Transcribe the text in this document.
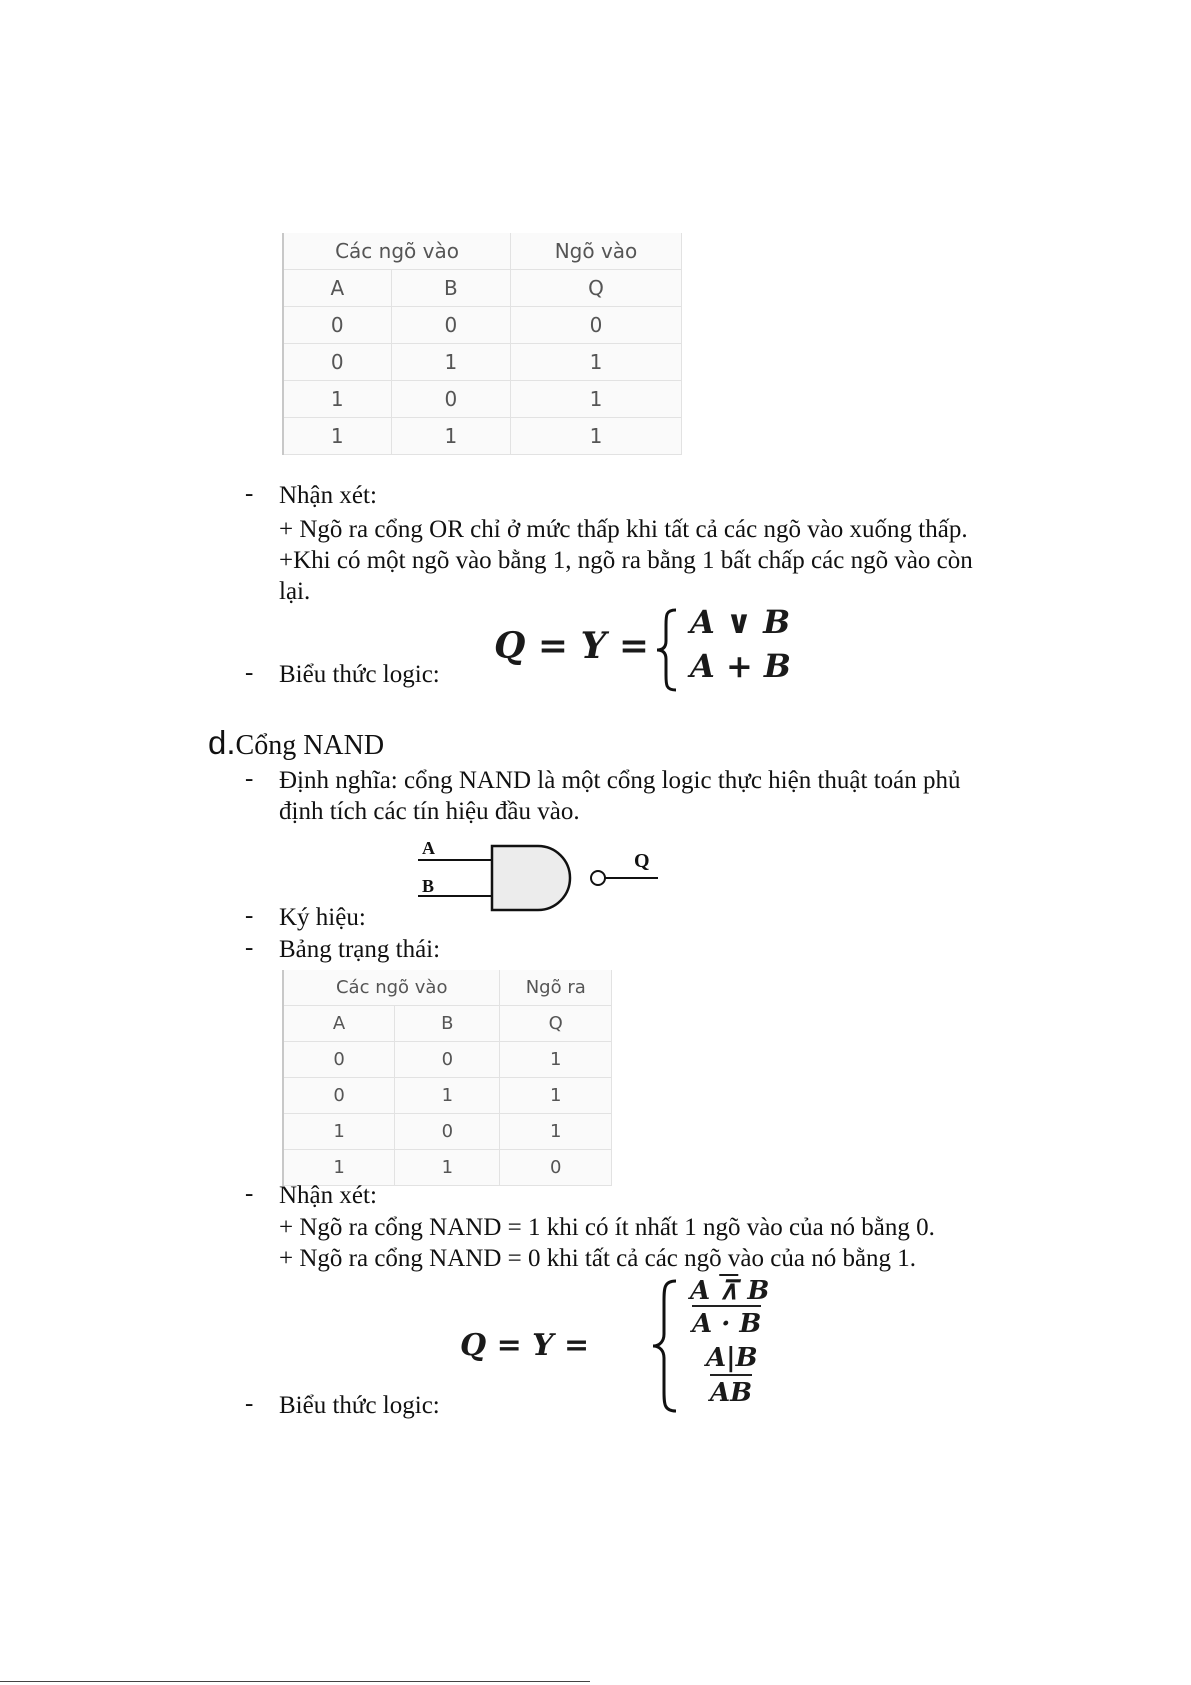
Các ngõ vào		Ngõ vào
A	B	Q
0	0	0
0	1	1
1	0	1
1	1	1
- Nhận xét:
+ Ngõ ra cổng OR chỉ ở mức thấp khi tất cả các ngõ vào xuống thấp.
+Khi có một ngõ vào bằng 1, ngõ ra bằng 1 bất chấp các ngõ vào còn
lại.
- Biểu thức logic:
Q = Y =
A ∨ B
A + B
d.Cổng NAND
- Định nghĩa: cổng NAND là một cổng logic thực hiện thuật toán phủ
định tích các tín hiệu đầu vào.
A
B
Q
- Ký hiệu:
- Bảng trạng thái:
Các ngõ vào		Ngõ ra
A	B	Q
0	0	1
0	1	1
1	0	1
1	1	0
- Nhận xét:
+ Ngõ ra cổng NAND = 1 khi có ít nhất 1 ngõ vào của nó bằng 0.
+ Ngõ ra cổng NAND = 0 khi tất cả các ngõ vào của nó bằng 1.
- Biểu thức logic:
Q = Y =
A ⊼ B
A · B
A|B
AB
